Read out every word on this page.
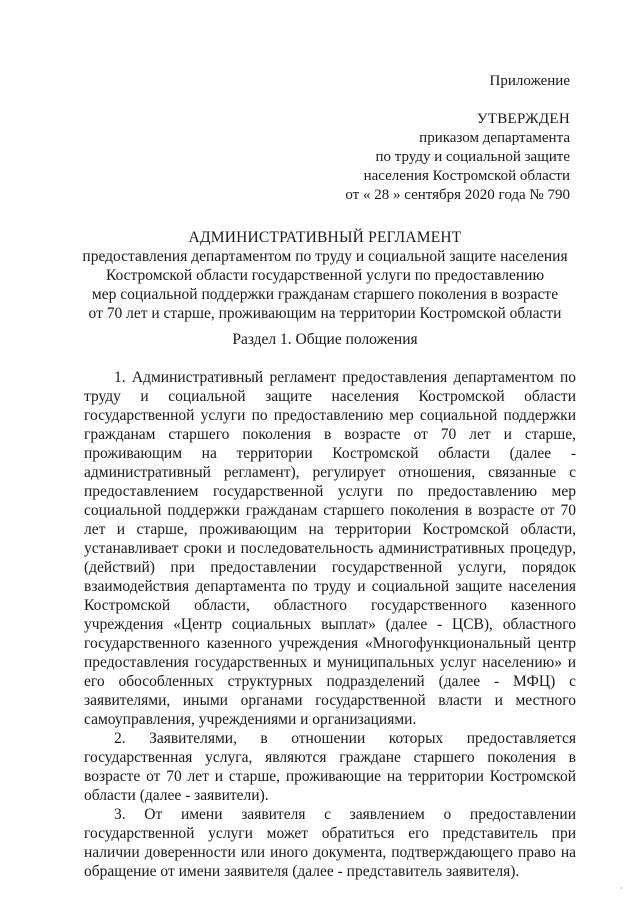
Приложение
УТВЕРЖДЕН
приказом департамента
по труду и социальной защите
населения Костромской области
от « 28 » сентября 2020 года № 790
АДМИНИСТРАТИВНЫЙ РЕГЛАМЕНТ
предоставления департаментом по труду и социальной защите населения
Костромской области государственной услуги по предоставлению
мер социальной поддержки гражданам старшего поколения в возрасте
от 70 лет и старше, проживающим на территории Костромской области
Раздел 1. Общие положения

1. Административный регламент предоставления департаментом по труду и социальной защите населения Костромской области государственной услуги по предоставлению мер социальной поддержки гражданам старшего поколения в возрасте от 70 лет и старше, проживающим на территории Костромской области (далее - административный регламент), регулирует отношения, связанные с предоставлением государственной услуги по предоставлению мер социальной поддержки гражданам старшего поколения в возрасте от 70 лет и старше, проживающим на территории Костромской области, устанавливает сроки и последовательность административных процедур, (действий) при предоставлении государственной услуги, порядок взаимодействия департамента по труду и социальной защите населения Костромской области, областного государственного казенного учреждения «Центр социальных выплат» (далее - ЦСВ), областного государственного казенного учреждения «Многофункциональный центр предоставления государственных и муниципальных услуг населению» и его обособленных структурных подразделений (далее - МФЦ) с заявителями, иными органами государственной власти и местного самоуправления, учреждениями и организациями.

2. Заявителями, в отношении которых предоставляется государственная услуга, являются граждане старшего поколения в возрасте от 70 лет и старше, проживающие на территории Костромской области (далее - заявители).

3. От имени заявителя с заявлением о предоставлении государственной услуги может обратиться его представитель при наличии доверенности или иного документа, подтверждающего право на обращение от имени заявителя (далее - представитель заявителя).

·
